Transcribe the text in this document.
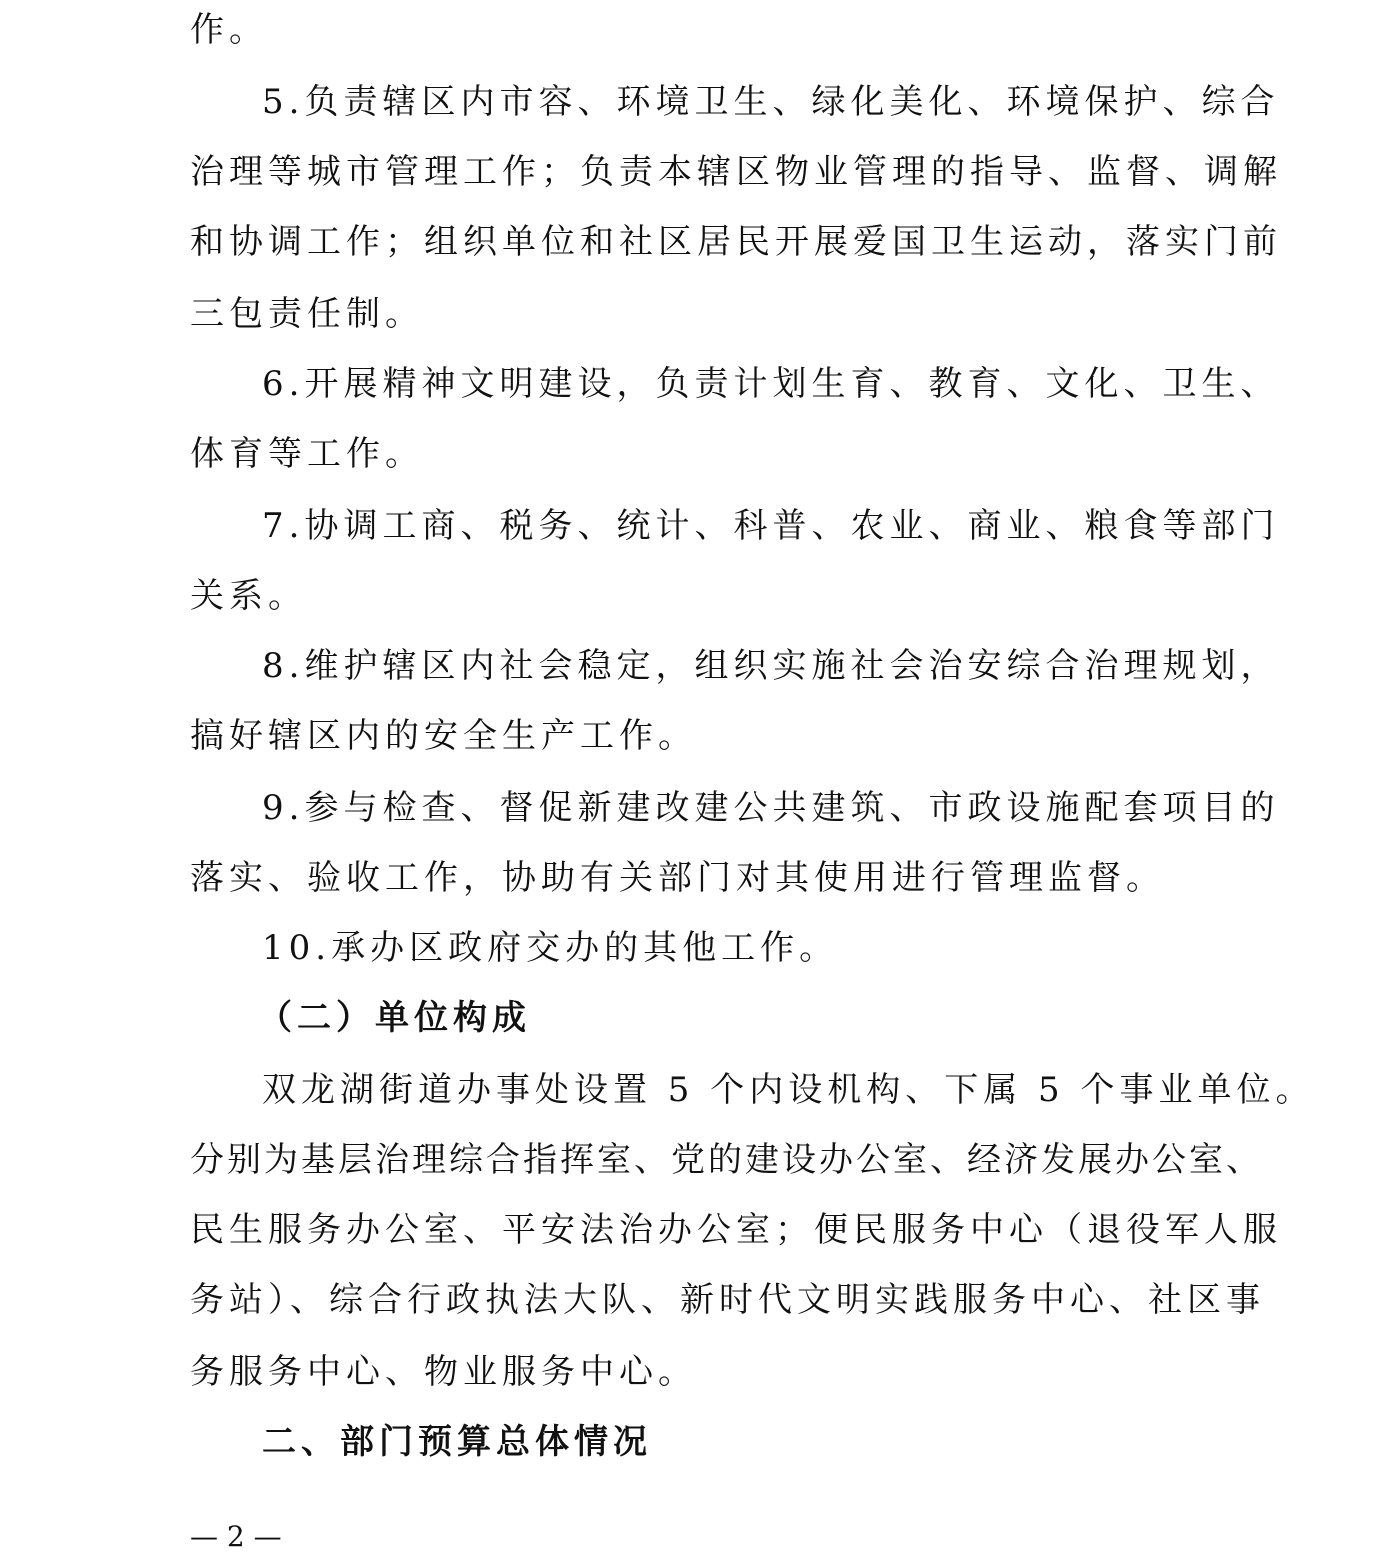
作。
5.负责辖区内市容、环境卫生、绿化美化、环境保护、综合
治理等城市管理工作；负责本辖区物业管理的指导、监督、调解
和协调工作；组织单位和社区居民开展爱国卫生运动，落实门前
三包责任制。
6.开展精神文明建设，负责计划生育、教育、文化、卫生、
体育等工作。
7.协调工商、税务、统计、科普、农业、商业、粮食等部门
关系。
8.维护辖区内社会稳定，组织实施社会治安综合治理规划，
搞好辖区内的安全生产工作。
9.参与检查、督促新建改建公共建筑、市政设施配套项目的
落实、验收工作，协助有关部门对其使用进行管理监督。
10.承办区政府交办的其他工作。
（二）单位构成
双龙湖街道办事处设置 5 个内设机构、下属 5 个事业单位。
分别为基层治理综合指挥室、党的建设办公室、经济发展办公室、
民生服务办公室、平安法治办公室；便民服务中心（退役军人服
务站）、综合行政执法大队、新时代文明实践服务中心、社区事
务服务中心、物业服务中心。
二、部门预算总体情况
— 2 —
